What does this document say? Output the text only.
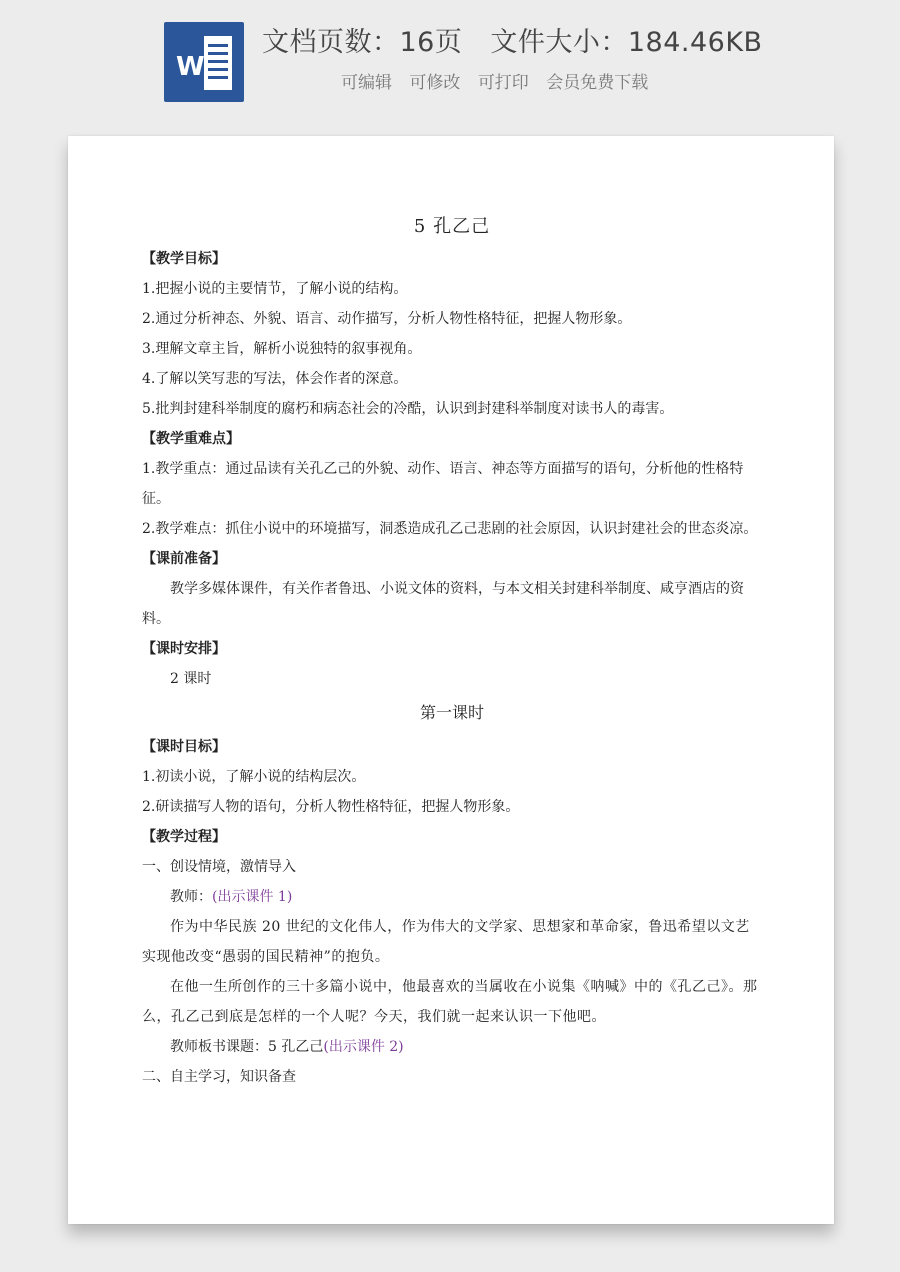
W
文档页数：16页 文件大小：184.46KB
可编辑 可修改 可打印 会员免费下载

5 孔乙己

【教学目标】

1.把握小说的主要情节，了解小说的结构。

2.通过分析神态、外貌、语言、动作描写，分析人物性格特征，把握人物形象。

3.理解文章主旨，解析小说独特的叙事视角。

4.了解以笑写悲的写法，体会作者的深意。

5.批判封建科举制度的腐朽和病态社会的冷酷，认识到封建科举制度对读书人的毒害。

【教学重难点】

1.教学重点：通过品读有关孔乙己的外貌、动作、语言、神态等方面描写的语句，分析他的性格特征。

2.教学难点：抓住小说中的环境描写，洞悉造成孔乙己悲剧的社会原因，认识封建社会的世态炎凉。

【课前准备】

教学多媒体课件，有关作者鲁迅、小说文体的资料，与本文相关封建科举制度、咸亨酒店的资料。

【课时安排】

2 课时

第一课时

【课时目标】

1.初读小说，了解小说的结构层次。

2.研读描写人物的语句，分析人物性格特征，把握人物形象。

【教学过程】

一、创设情境，激情导入

教师：(出示课件 1)

作为中华民族 20 世纪的文化伟人，作为伟大的文学家、思想家和革命家，鲁迅希望以文艺实现他改变“愚弱的国民精神”的抱负。

在他一生所创作的三十多篇小说中，他最喜欢的当属收在小说集《呐喊》中的《孔乙己》。那么，孔乙己到底是怎样的一个人呢？今天，我们就一起来认识一下他吧。

教师板书课题：5 孔乙己(出示课件 2)

二、自主学习，知识备查
